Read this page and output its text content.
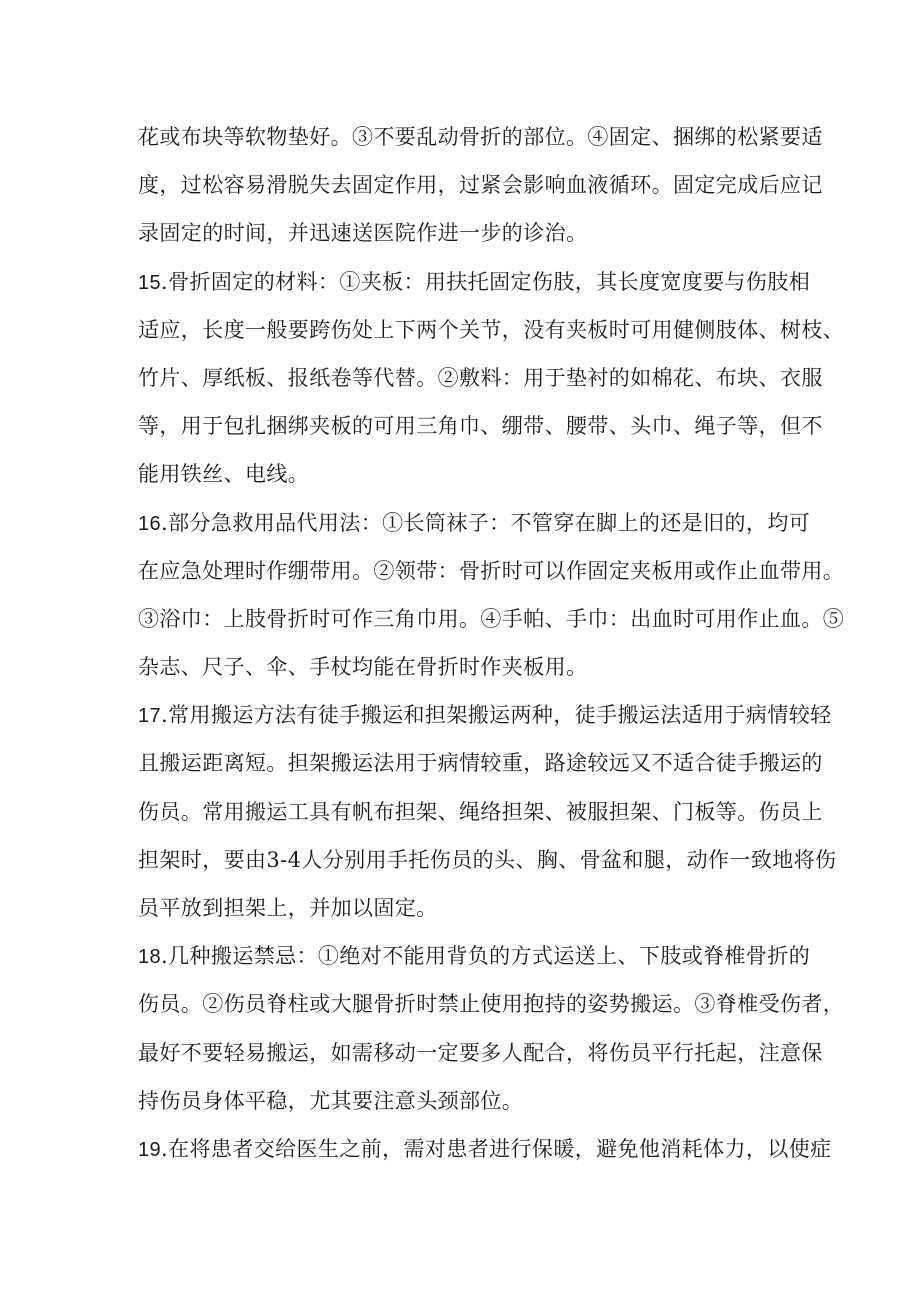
花或布块等软物垫好。③不要乱动骨折的部位。④固定、捆绑的松紧要适
度，过松容易滑脱失去固定作用，过紧会影响血液循环。固定完成后应记
录固定的时间，并迅速送医院作进一步的诊治。
15.骨折固定的材料：①夹板：用扶托固定伤肢，其长度宽度要与伤肢相
适应，长度一般要跨伤处上下两个关节，没有夹板时可用健侧肢体、树枝、
竹片、厚纸板、报纸卷等代替。②敷料：用于垫衬的如棉花、布块、衣服
等，用于包扎捆绑夹板的可用三角巾、绷带、腰带、头巾、绳子等，但不
能用铁丝、电线。
16.部分急救用品代用法：①长筒袜子：不管穿在脚上的还是旧的，均可
在应急处理时作绷带用。②领带：骨折时可以作固定夹板用或作止血带用。
③浴巾：上肢骨折时可作三角巾用。④手帕、手巾：出血时可用作止血。⑤
杂志、尺子、伞、手杖均能在骨折时作夹板用。
17.常用搬运方法有徒手搬运和担架搬运两种，徒手搬运法适用于病情较轻
且搬运距离短。担架搬运法用于病情较重，路途较远又不适合徒手搬运的
伤员。常用搬运工具有帆布担架、绳络担架、被服担架、门板等。伤员上
担架时，要由3-4人分别用手托伤员的头、胸、骨盆和腿，动作一致地将伤
员平放到担架上，并加以固定。
18.几种搬运禁忌：①绝对不能用背负的方式运送上、下肢或脊椎骨折的
伤员。②伤员脊柱或大腿骨折时禁止使用抱持的姿势搬运。③脊椎受伤者，
最好不要轻易搬运，如需移动一定要多人配合，将伤员平行托起，注意保
持伤员身体平稳，尤其要注意头颈部位。
19.在将患者交给医生之前，需对患者进行保暖，避免他消耗体力，以使症
